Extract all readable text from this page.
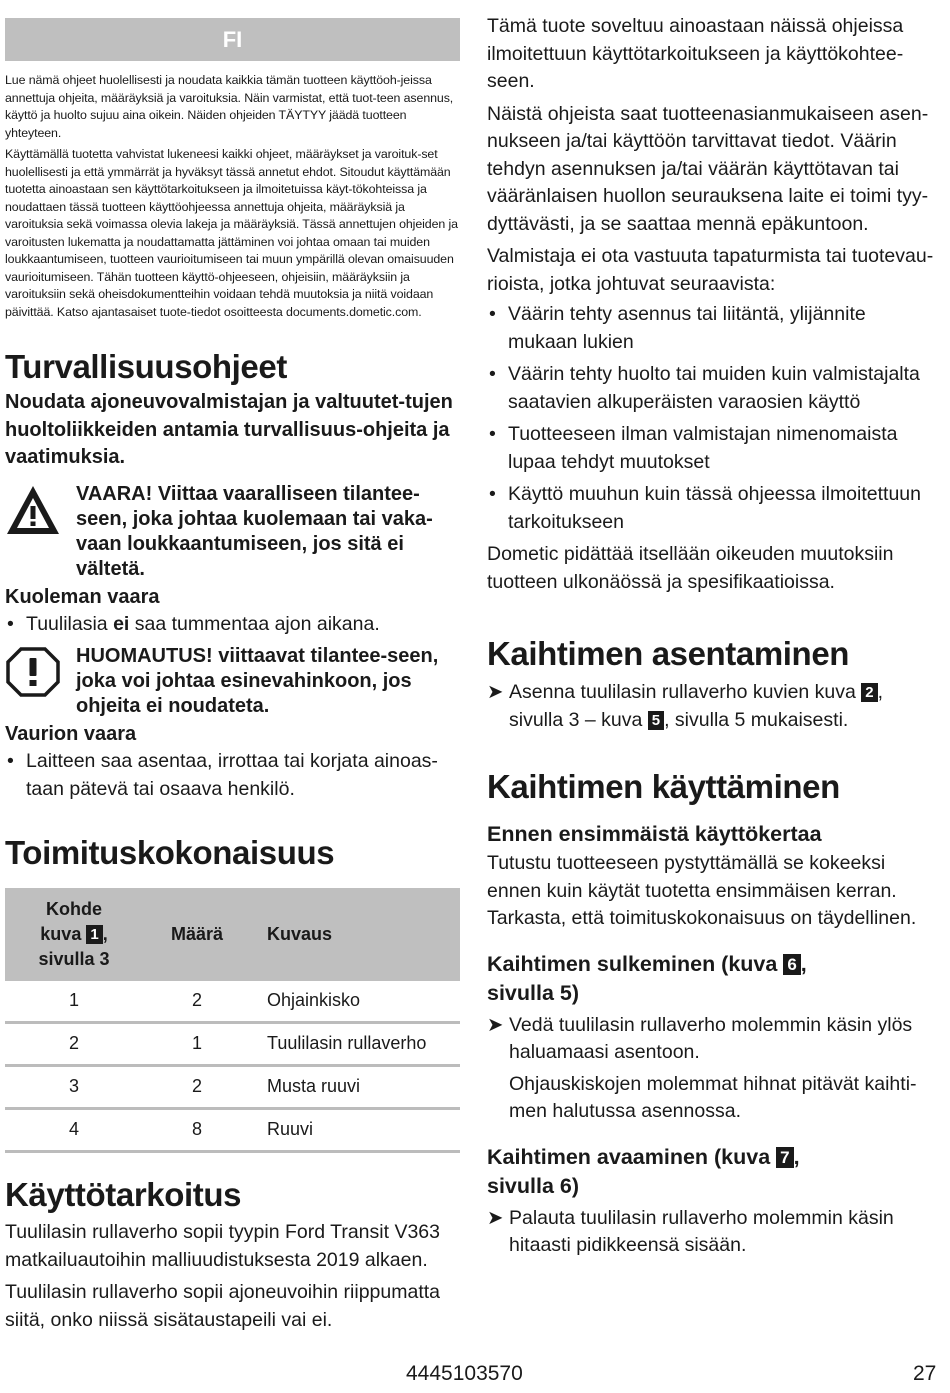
FI

Lue nämä ohjeet huolellisesti ja noudata kaikkia tämän tuotteen käyttöoh-jeissa annettuja ohjeita, määräyksiä ja varoituksia. Näin varmistat, että tuot-teen asennus, käyttö ja huolto sujuu aina oikein. Näiden ohjeiden TÄYTYY jäädä tuotteen yhteyteen.

Käyttämällä tuotetta vahvistat lukeneesi kaikki ohjeet, määräykset ja varoituk-set huolellisesti ja että ymmärrät ja hyväksyt tässä annetut ehdot. Sitoudut käyttämään tuotetta ainoastaan sen käyttötarkoitukseen ja ilmoitetuissa käyt-tökohteissa ja noudattaen tässä tuotteen käyttöohjeessa annettuja ohjeita, määräyksiä ja varoituksia sekä voimassa olevia lakeja ja määräyksiä. Tässä annettujen ohjeiden ja varoitusten lukematta ja noudattamatta jättäminen voi johtaa omaan tai muiden loukkaantumiseen, tuotteen vaurioitumiseen tai muun ympärillä olevan omaisuuden vaurioitumiseen. Tähän tuotteen käyttö-ohjeeseen, ohjeisiin, määräyksiin ja varoituksiin sekä oheisdokumentteihin voidaan tehdä muutoksia ja niitä voidaan päivittää. Katso ajantasaiset tuote-tiedot osoitteesta documents.dometic.com.

Turvallisuusohjeet

Noudata ajoneuvovalmistajan ja valtuutet-tujen huoltoliikkeiden antamia turvallisuus-ohjeita ja vaatimuksia.

VAARA! Viittaa vaaralliseen tilantee-seen, joka johtaa kuolemaan tai vaka-vaan loukkaantumiseen, jos sitä ei vältetä.

Kuoleman vaara

• Tuulilasia ei saa tummentaa ajon aikana.
HUOMAUTUS! viittaavat tilantee-seen, joka voi johtaa esinevahinkoon, jos ohjeita ei noudateta.

Vaurion vaara

• Laitteen saa asentaa, irrottaa tai korjata ainoas-taan pätevä tai osaava henkilö.
Toimituskokonaisuus
Kohde
kuva 1 ,
sivulla 3	Määrä	Kuvaus
1	2	Ohjainkisko
2	1	Tuulilasin rullaverho
3	2	Musta ruuvi
4	8	Ruuvi
Käyttötarkoitus

Tuulilasin rullaverho sopii tyypin Ford Transit V363 matkailuautoihin malliuudistuksesta 2019 alkaen.

Tuulilasin rullaverho sopii ajoneuvoihin riippumatta siitä, onko niissä sisätaustapeili vai ei.

Tämä tuote soveltuu ainoastaan näissä ohjeissa ilmoitettuun käyttötarkoitukseen ja käyttökohtee-seen.

Näistä ohjeista saat tuotteenasianmukaiseen asen-nukseen ja/tai käyttöön tarvittavat tiedot. Väärin tehdyn asennuksen ja/tai väärän käyttötavan tai vääränlaisen huollon seurauksena laite ei toimi tyy-dyttävästi, ja se saattaa mennä epäkuntoon.

Valmistaja ei ota vastuuta tapaturmista tai tuotevau-rioista, jotka johtuvat seuraavista:

• Väärin tehty asennus tai liitäntä, ylijännite mukaan lukien
• Väärin tehty huolto tai muiden kuin valmistajalta saatavien alkuperäisten varaosien käyttö
• Tuotteeseen ilman valmistajan nimenomaista lupaa tehdyt muutokset
• Käyttö muuhun kuin tässä ohjeessa ilmoitettuun tarkoitukseen

Dometic pidättää itsellään oikeuden muutoksiin tuotteen ulkonäössä ja spesifikaatioissa.

Kaihtimen asentaminen
➤ Asenna tuulilasin rullaverho kuvien kuva 2 , sivulla 3 – kuva 5 , sivulla 5 mukaisesti.
Kaihtimen käyttäminen
Ennen ensimmäistä käyttökertaa

Tutustu tuotteeseen pystyttämällä se kokeeksi ennen kuin käytät tuotetta ensimmäisen kerran. Tarkasta, että toimituskokonaisuus on täydellinen.

Kaihtimen sulkeminen (kuva 6 ,
sivulla 5)
➤ Vedä tuulilasin rullaverho molemmin käsin ylös haluamaasi asentoon.

Ohjauskiskojen molemmat hihnat pitävät kaihti-men halutussa asennossa.

Kaihtimen avaaminen (kuva 7 ,
sivulla 6)
➤ Palauta tuulilasin rullaverho molemmin käsin hitaasti pidikkeensä sisään.
4445103570	27
